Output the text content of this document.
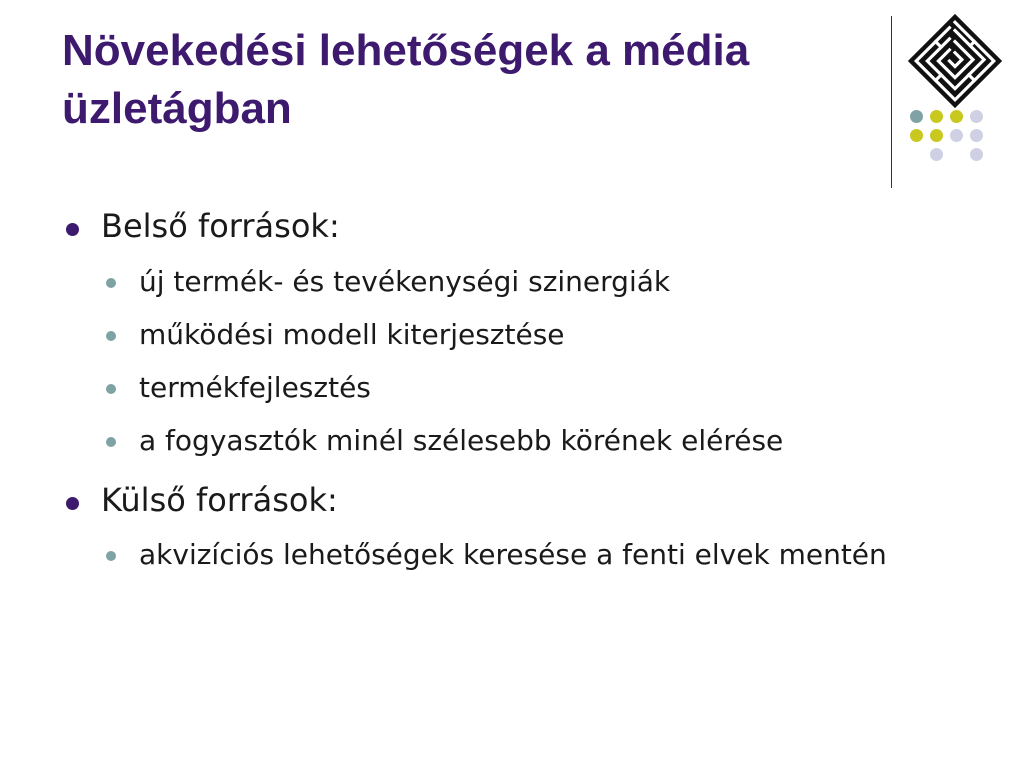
Növekedési lehetőségek a média
üzletágban
Belső források:
új termék- és tevékenységi szinergiák
működési modell kiterjesztése
termékfejlesztés
a fogyasztók minél szélesebb körének elérése
Külső források:
akvizíciós lehetőségek keresése a fenti elvek mentén
